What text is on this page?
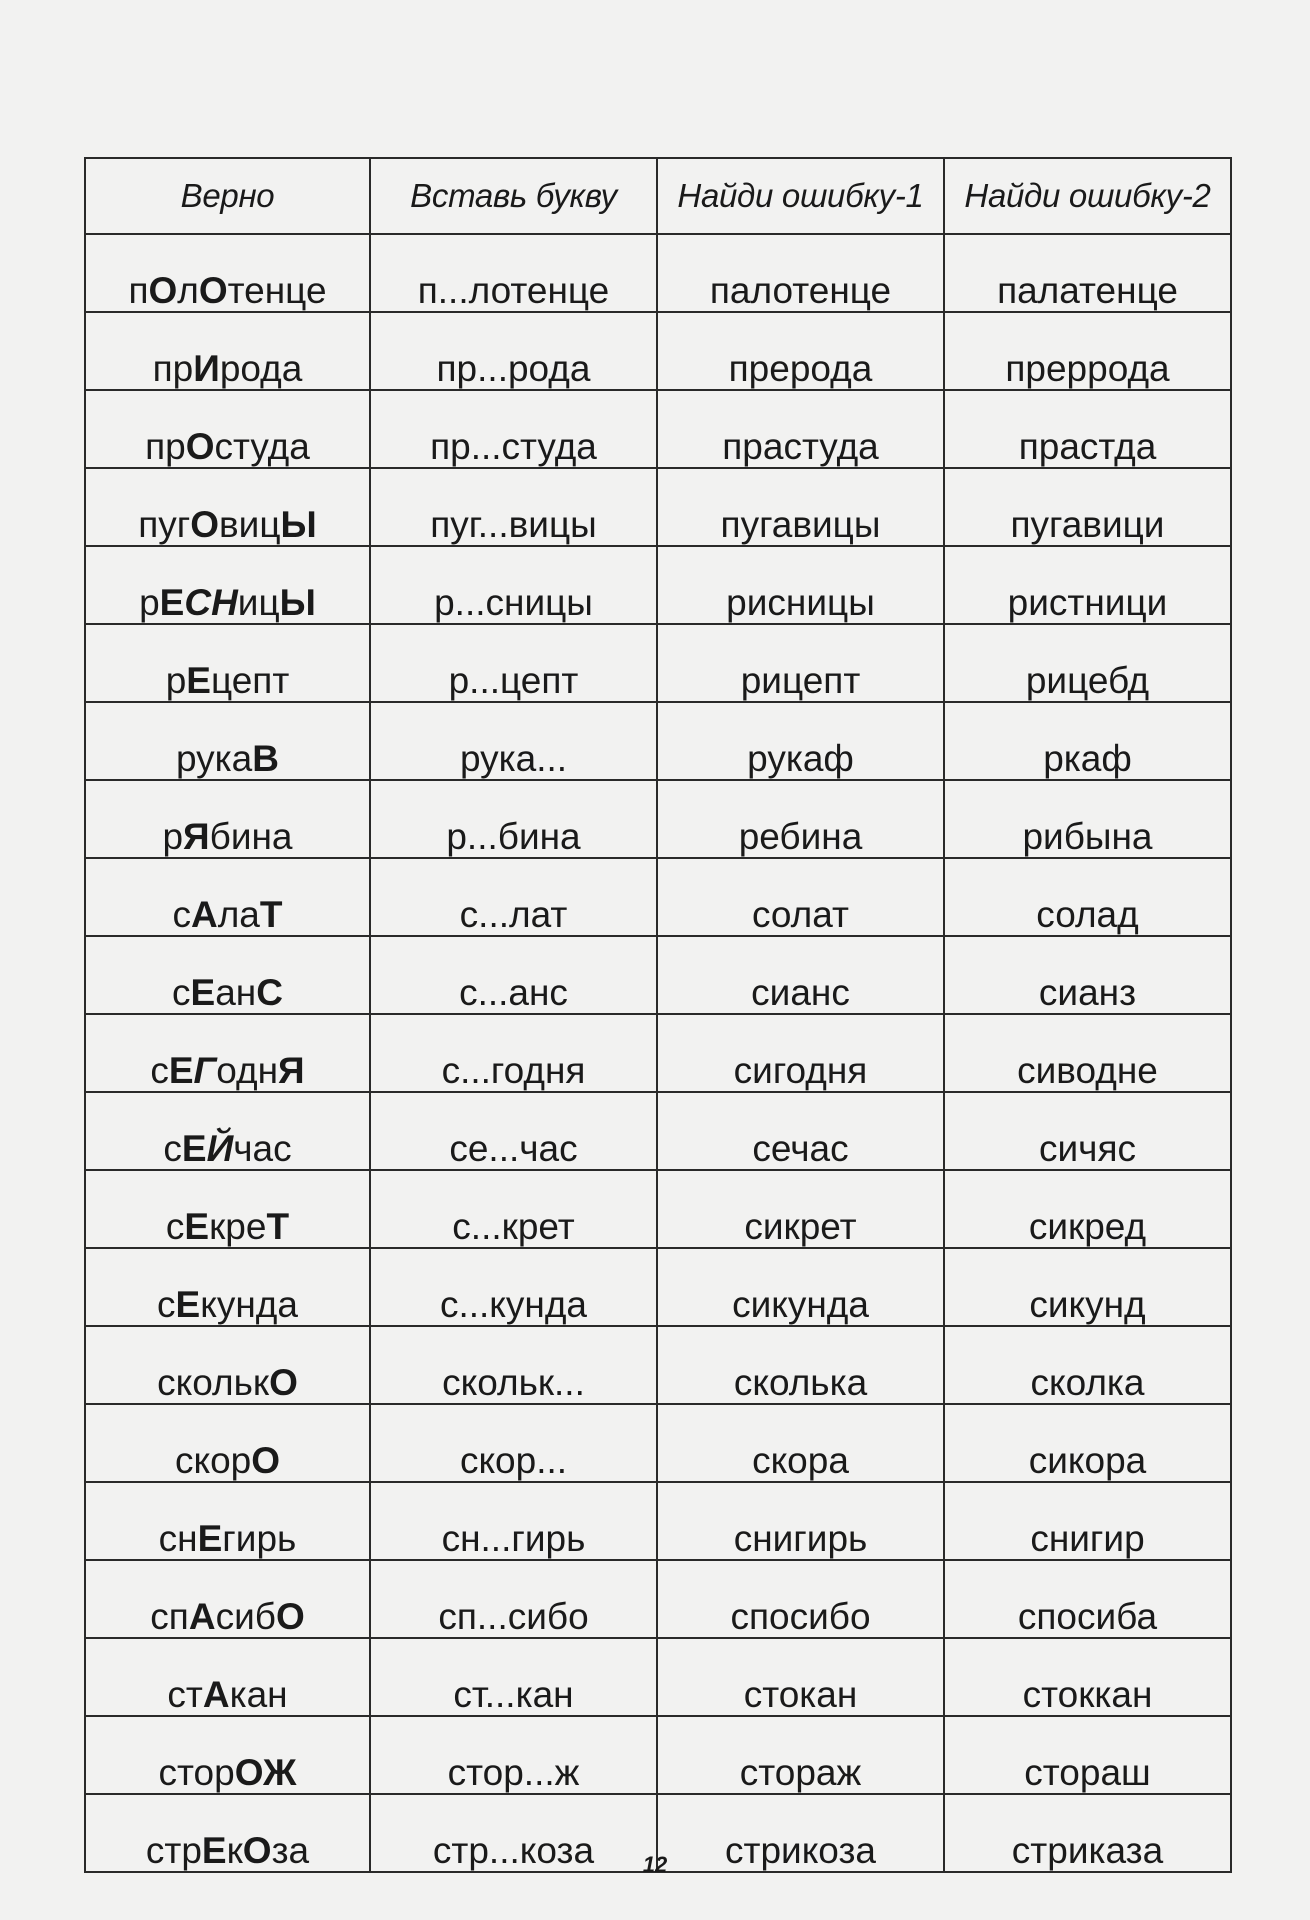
Верно	Вставь букву	Найди ошибку-1	Найди ошибку-2
пОлОтенце	п...лотенце	палотенце	палатенце
прИрода	пр...рода	прерода	преррода
прОстуда	пр...студа	прастуда	прастда
пугОвицЫ	пуг...вицы	пугавицы	пугавици
рЕСНицЫ	р...сницы	рисницы	ристници
рЕцепт	р...цепт	рицепт	рицебд
рукаВ	рука...	рукаф	ркаф
рЯбина	р...бина	ребина	рибына
сАлаТ	с...лат	солат	солад
сЕанС	с...анс	сианс	сианз
сЕГоднЯ	с...годня	сигодня	сиводне
сЕЙчас	се...час	сечас	сичяс
сЕкреТ	с...крет	сикрет	сикред
сЕкунда	с...кунда	сикунда	сикунд
сколькО	скольк...	сколька	сколка
скорО	скор...	скора	сикора
снЕгирь	сн...гирь	снигирь	снигир
спАсибО	сп...сибо	спосибо	спосиба
стАкан	ст...кан	стокан	стоккан
сторОЖ	стор...ж	стораж	сторaш
стрЕкОза	стр...коза	стрикоза	стриказа
12
